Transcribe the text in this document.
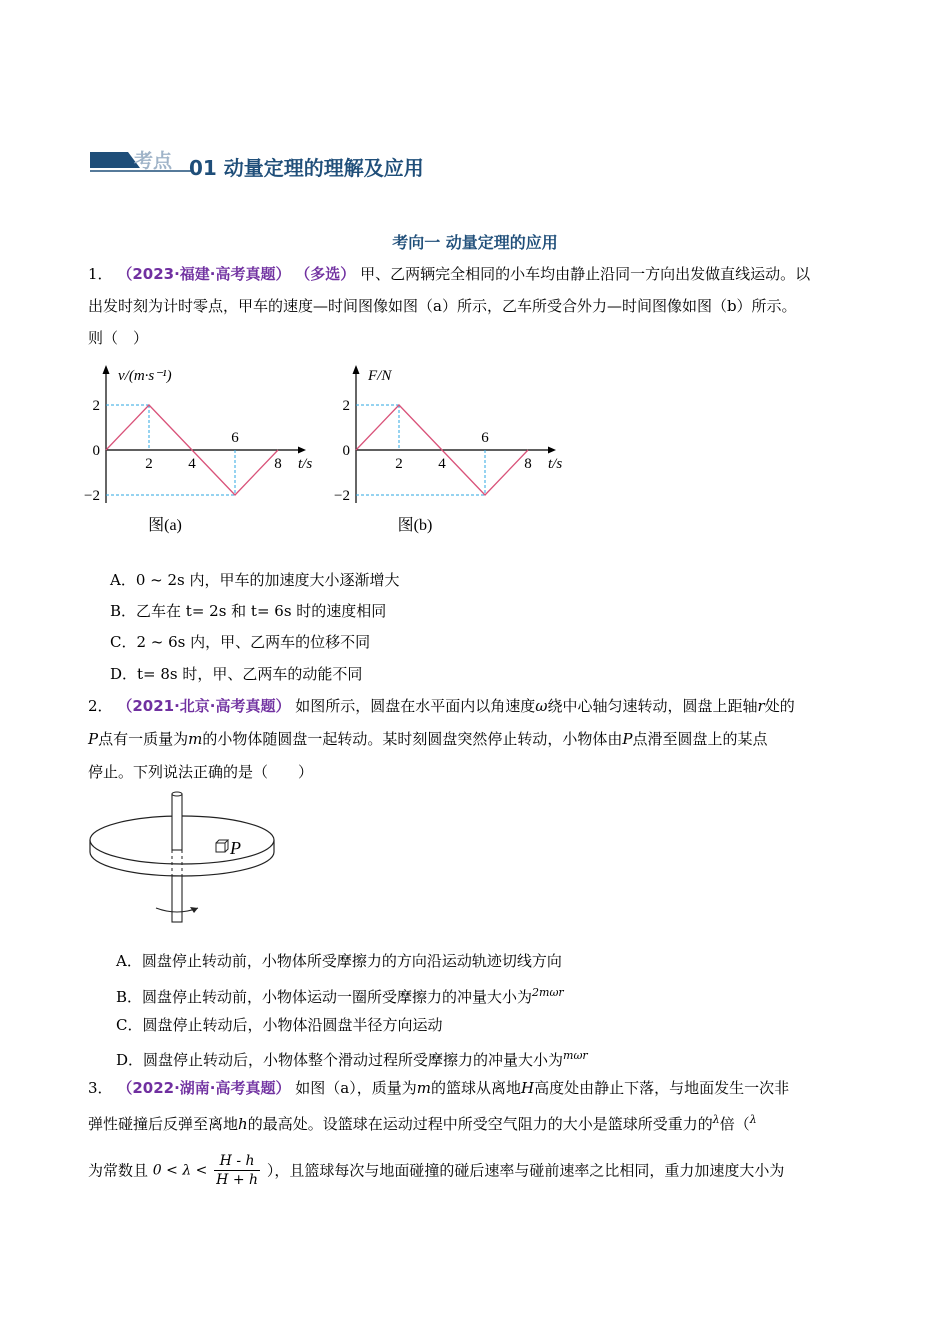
考点 01 动量定理的理解及应用
考向一 动量定理的应用
1． （2023·福建·高考真题） （多选） 甲、乙两辆完全相同的小车均由静止沿同一方向出发做直线运动。以
出发时刻为计时零点，甲车的速度—时间图像如图（a）所示，乙车所受合外力—时间图像如图（b）所示。
则（　）
2 4
6
8
2
0
−2
v/(m·s⁻¹)
t/s
图(a)
2 4
6
8
2
0
−2
F/N
t/s
图(b)
A．0 ~ 2s 内，甲车的加速度大小逐渐增大
B．乙车在 t= 2s 和 t= 6s 时的速度相同
C．2 ~ 6s 内，甲、乙两车的位移不同
D．t= 8s 时，甲、乙两车的动能不同
2． （2021·北京·高考真题） 如图所示，圆盘在水平面内以角速度ω绕中心轴匀速转动，圆盘上距轴r处的
P点有一质量为m的小物体随圆盘一起转动。某时刻圆盘突然停止转动，小物体由P点滑至圆盘上的某点
停止。下列说法正确的是（　　）
P
A．圆盘停止转动前，小物体所受摩擦力的方向沿运动轨迹切线方向
B．圆盘停止转动前，小物体运动一圈所受摩擦力的冲量大小为$^{2m\omega r}$
C．圆盘停止转动后，小物体沿圆盘半径方向运动
D．圆盘停止转动后，小物体整个滑动过程所受摩擦力的冲量大小为$^{m\omega r}$
3． （2022·湖南·高考真题） 如图（a），质量为m的篮球从离地H高度处由静止下落，与地面发生一次非
弹性碰撞后反弹至离地h的最高处。设篮球在运动过程中所受空气阻力的大小是篮球所受重力的$^\lambda$倍（$^\lambda$
为常数且 $0 < \lambda < \frac{H - h}{H + h}$ ），且篮球每次与地面碰撞的碰后速率与碰前速率之比相同，重力加速度大小为
